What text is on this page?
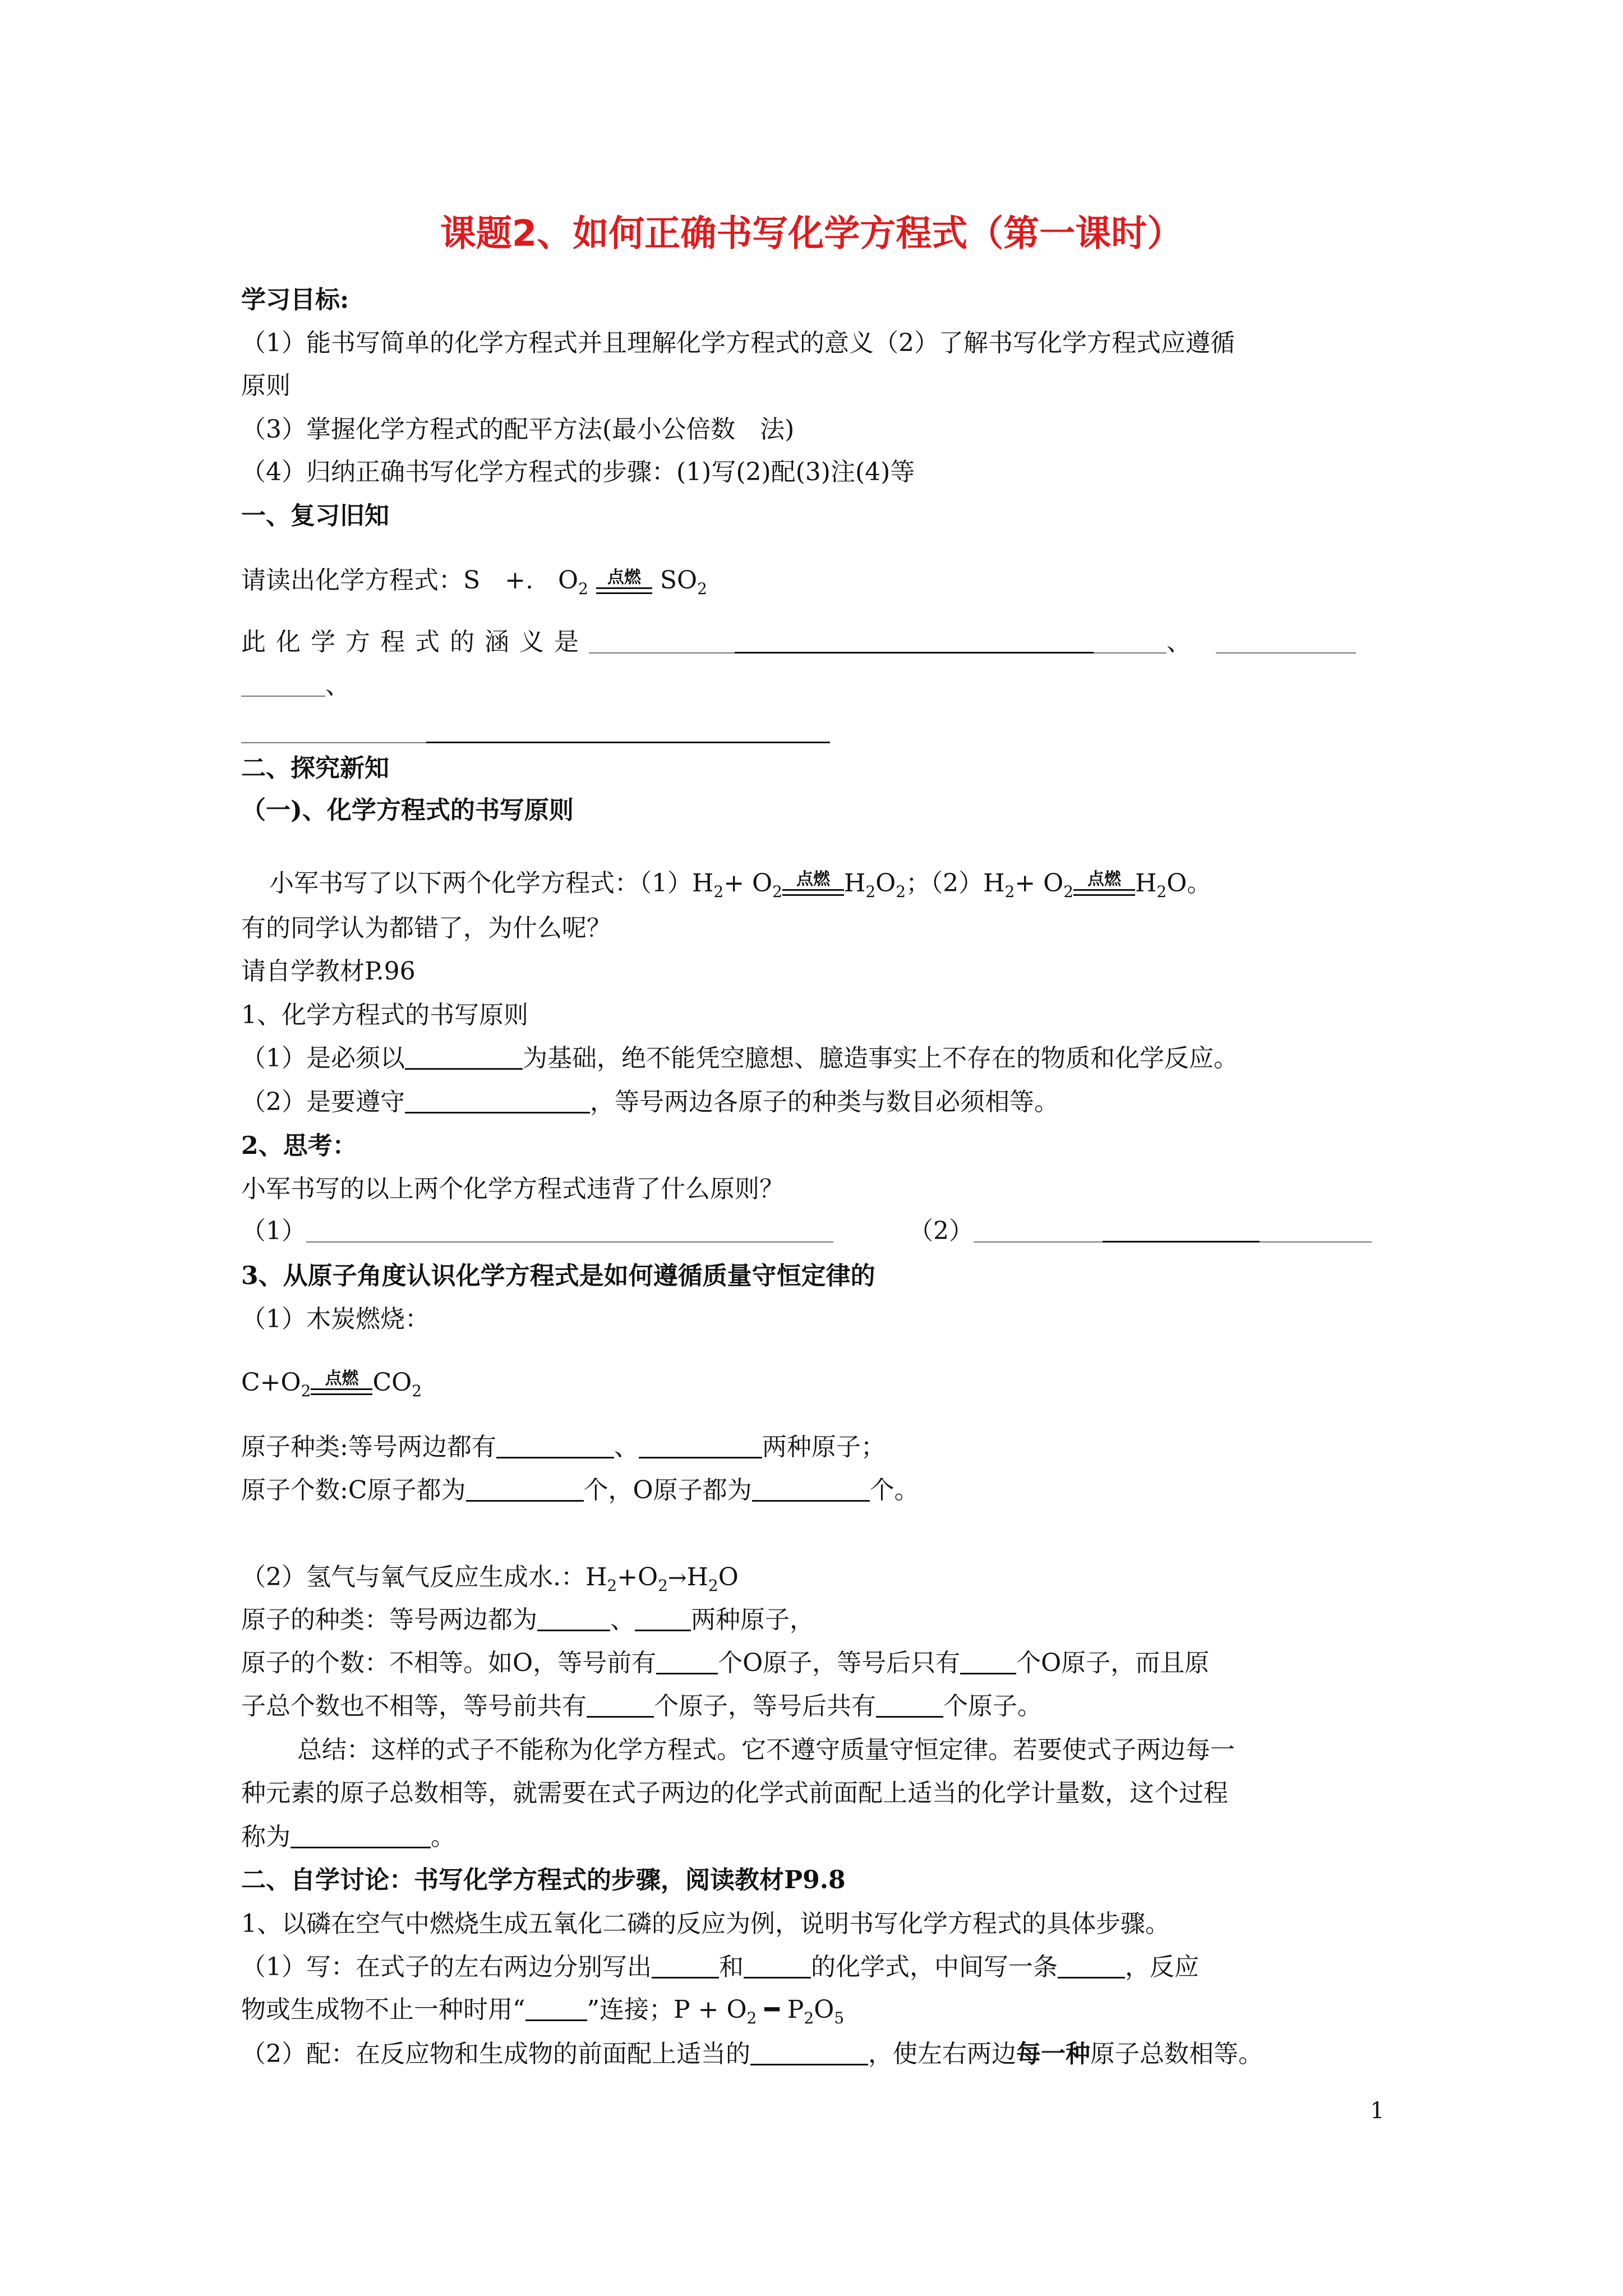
课题2、如何正确书写化学方程式（第一课时）
学习目标:
（1）能书写简单的化学方程式并且理解化学方程式的意义（2）了解书写化学方程式应遵循
原则
（3）掌握化学方程式的配平方法(最小公倍数　法)
（4）归纳正确书写化学方程式的步骤：(1)写(2)配(3)注(4)等
一、复习旧知
请读出化学方程式：S　+.　$O_2$
点燃 $SO_2$
此化学方程式的涵义是	、
、
二、探究新知
（一)、化学方程式的书写原则
小军书写了以下两个化学方程式：$(1)H_2+ O_2$
点燃 $H_2O_2$；$(2)H_2+ O_2$
点燃 $H_2O$。
有的同学认为都错了，为什么呢？
请自学教材P.96
1、化学方程式的书写原则
（1）是必须以	为基础，绝不能凭空臆想、臆造事实上不存在的物质和化学反应。
（2）是要遵守	，等号两边各原子的种类与数目必须相等。
2、思考：
小军书写的以上两个化学方程式违背了什么原则？
（1）	（2）
3、从原子角度认识化学方程式是如何遵循质量守恒定律的
（1）木炭燃烧：
$C+O_2$
点燃 $CO_2$
原子种类:等号两边都有	、	两种原子；
原子个数:C原子都为	个，O原子都为	个。
（2）氢气与氧气反应生成水.：$H_2+O_2\to H_2O$
原子的种类：等号两边都为	、 两种原子，
原子的个数：不相等。如O，等号前有	个O原子，等号后只有 个O原子，而且原
子总个数也不相等，等号前共有	个原子，等号后共有	个原子。
总结：这样的式子不能称为化学方程式。它不遵守质量守恒定律。若要使式子两边每一
种元素的原子总数相等，就需要在式子两边的化学式前面配上适当的化学计量数，这个过程
称为	。
二、自学讨论：书写化学方程式的步骤，阅读教材P9.8
1、以磷在空气中燃烧生成五氧化二磷的反应为例，说明书写化学方程式的具体步骤。
（1）写：在式子的左右两边分别写出	和	的化学式，中间写一条	，反应
物或生成物不止一种时用“	”连接；$P + O_2$ ━ $P_2O_5$
（2）配：在反应物和生成物的前面配上适当的	，使左右两边每一种原子总数相等。
1
